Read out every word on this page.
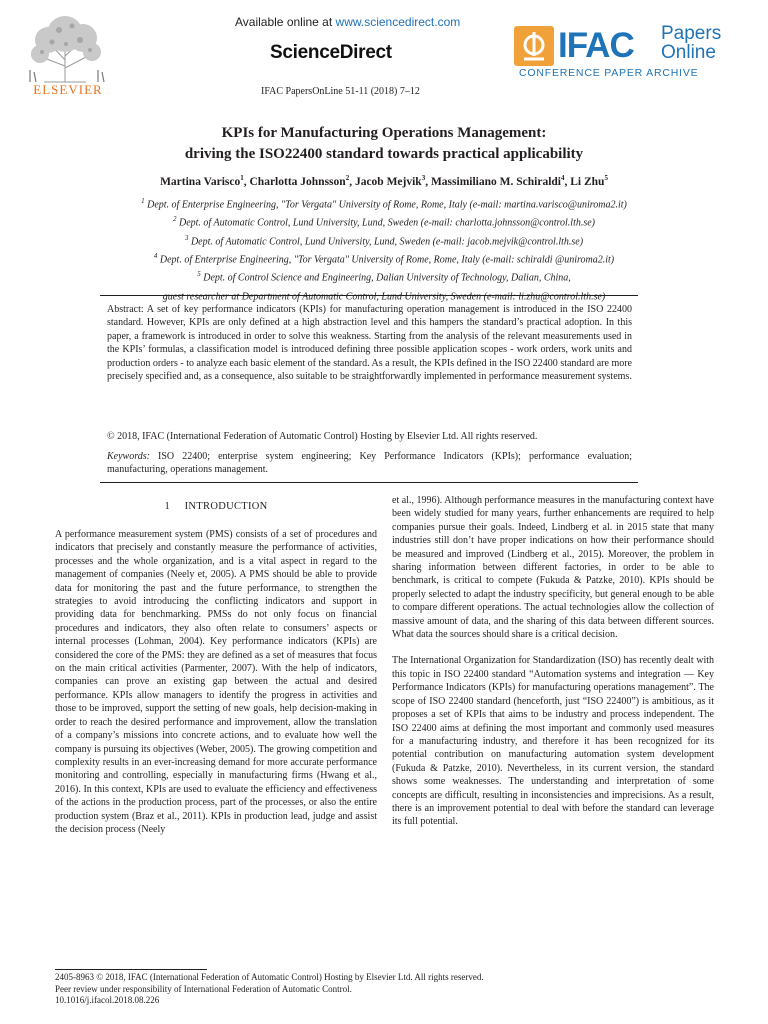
ELSEVIER
Available online at www.sciencedirect.com
ScienceDirect
IFAC PapersOnLine 51-11 (2018) 7–12
IFAC Papers
Online
CONFERENCE PAPER ARCHIVE
KPIs for Manufacturing Operations Management:
driving the ISO22400 standard towards practical applicability
Martina Varisco$^1$, Charlotta Johnsson$^2$, Jacob Mejvik$^3$, Massimiliano M. Schiraldi$^4$, Li Zhu$^5$
$^1$ Dept. of Enterprise Engineering, "Tor Vergata" University of Rome, Rome, Italy (e-mail: martina.varisco@uniroma2.it)
$^2$ Dept. of Automatic Control, Lund University, Lund, Sweden (e-mail: charlotta.johnsson@control.lth.se)
$^3$ Dept. of Automatic Control, Lund University, Lund, Sweden (e-mail: jacob.mejvik@control.lth.se)
$^4$ Dept. of Enterprise Engineering, "Tor Vergata" University of Rome, Rome, Italy (e-mail: schiraldi @uniroma2.it)
$^5$ Dept. of Control Science and Engineering, Dalian University of Technology, Dalian, China,
guest researcher at Department of Automatic Control, Lund University, Sweden (e-mail: li.zhu@control.lth.se)
Abstract: A set of key performance indicators (KPIs) for manufacturing operation management is introduced in the ISO 22400 standard. However, KPIs are only defined at a high abstraction level and this hampers the standard’s practical adoption. In this paper, a framework is introduced in order to solve this weakness. Starting from the analysis of the relevant measurements used in the KPIs’ formulas, a classification model is introduced defining three possible application scopes - work orders, work units and production orders - to analyze each basic element of the standard. As a result, the KPIs defined in the ISO 22400 standard are more precisely specified and, as a consequence, also suitable to be straightforwardly implemented in performance measurement systems.
© 2018, IFAC (International Federation of Automatic Control) Hosting by Elsevier Ltd. All rights reserved.
Keywords: ISO 22400; enterprise system engineering; Key Performance Indicators (KPIs); performance evaluation; manufacturing, operations management.
1 INTRODUCTION

A performance measurement system (PMS) consists of a set of procedures and indicators that precisely and constantly measure the performance of activities, processes and the whole organization, and is a vital aspect in regard to the management of companies (Neely et, 2005). A PMS should be able to provide data for monitoring the past and the future performance, to strengthen the strategies to avoid introducing the conflicting indicators and support in providing data for benchmarking. PMSs do not only focus on financial procedures and indicators, they also often relate to consumers’ aspects or internal processes (Lohman, 2004). Key performance indicators (KPIs) are considered the core of the PMS: they are defined as a set of measures that focus on the main critical activities (Parmenter, 2007). With the help of indicators, companies can prove an existing gap between the actual and desired performance. KPIs allow managers to identify the progress in activities and those to be improved, support the setting of new goals, help decision-making in order to reach the desired performance and improvement, allow the translation of a company’s missions into concrete actions, and to evaluate how well the company is pursuing its objectives (Weber, 2005). The growing competition and complexity results in an ever-increasing demand for more accurate performance monitoring and controlling, especially in manufacturing firms (Hwang et al., 2016). In this context, KPIs are used to evaluate the efficiency and effectiveness of the actions in the production process, part of the processes, or also the entire production system (Braz et al., 2011). KPIs in production lead, judge and assist the decision process (Neely

et al., 1996). Although performance measures in the manufacturing context have been widely studied for many years, further enhancements are required to help companies pursue their goals. Indeed, Lindberg et al. in 2015 state that many industries still don’t have proper indications on how their performance should be measured and improved (Lindberg et al., 2015). Moreover, the problem in sharing information between different factories, in order to be able to benchmark, is critical to compete (Fukuda & Patzke, 2010). KPIs should be properly selected to adapt the industry specificity, but general enough to be able to compare different operations. The actual technologies allow the collection of massive amount of data, and the sharing of this data between different sources. What data the sources should share is a critical decision.

The International Organization for Standardization (ISO) has recently dealt with this topic in ISO 22400 standard “Automation systems and integration — Key Performance Indicators (KPIs) for manufacturing operations management”. The scope of ISO 22400 standard (henceforth, just “ISO 22400”) is ambitious, as it proposes a set of KPIs that aims to be industry and process independent. The ISO 22400 aims at defining the most important and commonly used measures for a manufacturing industry, and therefore it has been recognized for its potential contribution on manufacturing automation system development (Fukuda & Patzke, 2010). Nevertheless, in its current version, the standard shows some weaknesses. The understanding and interpretation of some concepts are difficult, resulting in inconsistencies and imprecisions. As a result, there is an improvement potential to deal with before the standard can leverage its full potential.

2405-8963 © 2018, IFAC (International Federation of Automatic Control) Hosting by Elsevier Ltd. All rights reserved.
Peer review under responsibility of International Federation of Automatic Control.
10.1016/j.ifacol.2018.08.226
